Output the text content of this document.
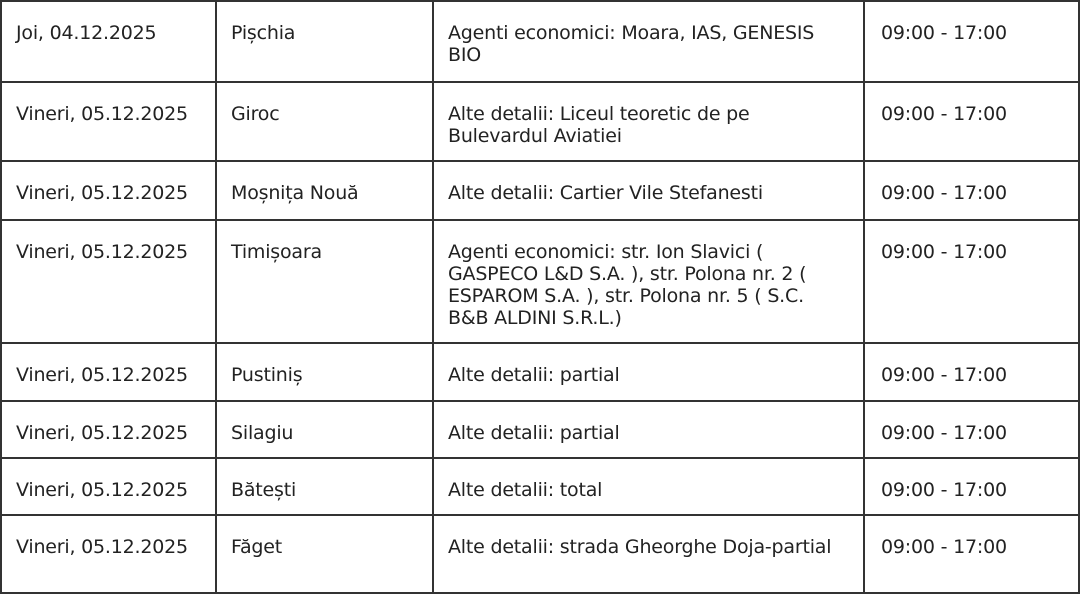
Joi, 04.12.2025	Pișchia	Agenti economici: Moara, IAS, GENESIS BIO	09:00 - 17:00
Vineri, 05.12.2025	Giroc	Alte detalii: Liceul teoretic de pe Bulevardul Aviatiei	09:00 - 17:00
Vineri, 05.12.2025	Moșnița Nouă	Alte detalii: Cartier Vile Stefanesti	09:00 - 17:00
Vineri, 05.12.2025	Timișoara	Agenti economici: str. Ion Slavici ( GASPECO L&D S.A. ), str. Polona nr. 2 ( ESPAROM S.A. ), str. Polona nr. 5 ( S.C. B&B ALDINI S.R.L.)	09:00 - 17:00
Vineri, 05.12.2025	Pustiniș	Alte detalii: partial	09:00 - 17:00
Vineri, 05.12.2025	Silagiu	Alte detalii: partial	09:00 - 17:00
Vineri, 05.12.2025	Bătești	Alte detalii: total	09:00 - 17:00
Vineri, 05.12.2025	Făget	Alte detalii: strada Gheorghe Doja-partial	09:00 - 17:00
